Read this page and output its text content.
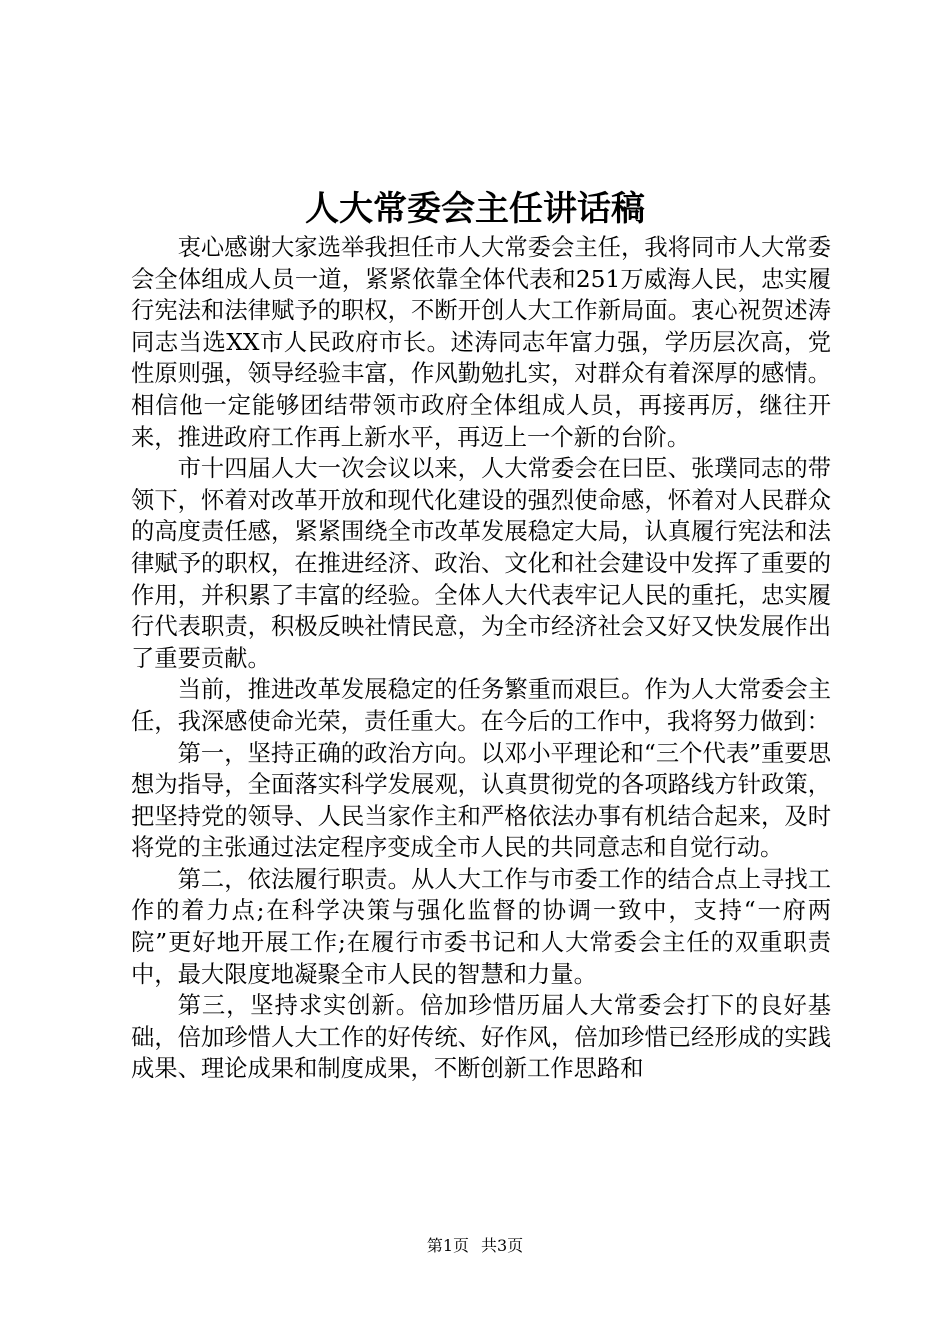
人大常委会主任讲话稿

衷心感谢大家选举我担任市人大常委会主任，我将同市人大常委会全体组成人员一道，紧紧依靠全体代表和251万威海人民，忠实履行宪法和法律赋予的职权，不断开创人大工作新局面。衷心祝贺述涛同志当选XX市人民政府市长。述涛同志年富力强，学历层次高，党性原则强，领导经验丰富，作风勤勉扎实，对群众有着深厚的感情。相信他一定能够团结带领市政府全体组成人员，再接再厉，继往开来，推进政府工作再上新水平，再迈上一个新的台阶。

市十四届人大一次会议以来，人大常委会在曰臣、张璞同志的带领下，怀着对改革开放和现代化建设的强烈使命感，怀着对人民群众的高度责任感，紧紧围绕全市改革发展稳定大局，认真履行宪法和法律赋予的职权，在推进经济、政治、文化和社会建设中发挥了重要的作用，并积累了丰富的经验。全体人大代表牢记人民的重托，忠实履行代表职责，积极反映社情民意，为全市经济社会又好又快发展作出了重要贡献。

当前，推进改革发展稳定的任务繁重而艰巨。作为人大常委会主任，我深感使命光荣，责任重大。在今后的工作中，我将努力做到：

第一，坚持正确的政治方向。以邓小平理论和“三个代表”重要思想为指导，全面落实科学发展观，认真贯彻党的各项路线方针政策，把坚持党的领导、人民当家作主和严格依法办事有机结合起来，及时将党的主张通过法定程序变成全市人民的共同意志和自觉行动。

第二，依法履行职责。从人大工作与市委工作的结合点上寻找工作的着力点;在科学决策与强化监督的协调一致中，支持“一府两院”更好地开展工作;在履行市委书记和人大常委会主任的双重职责中，最大限度地凝聚全市人民的智慧和力量。

第三，坚持求实创新。倍加珍惜历届人大常委会打下的良好基础，倍加珍惜人大工作的好传统、好作风，倍加珍惜已经形成的实践成果、理论成果和制度成果，不断创新工作思路和

第1页 共3页
